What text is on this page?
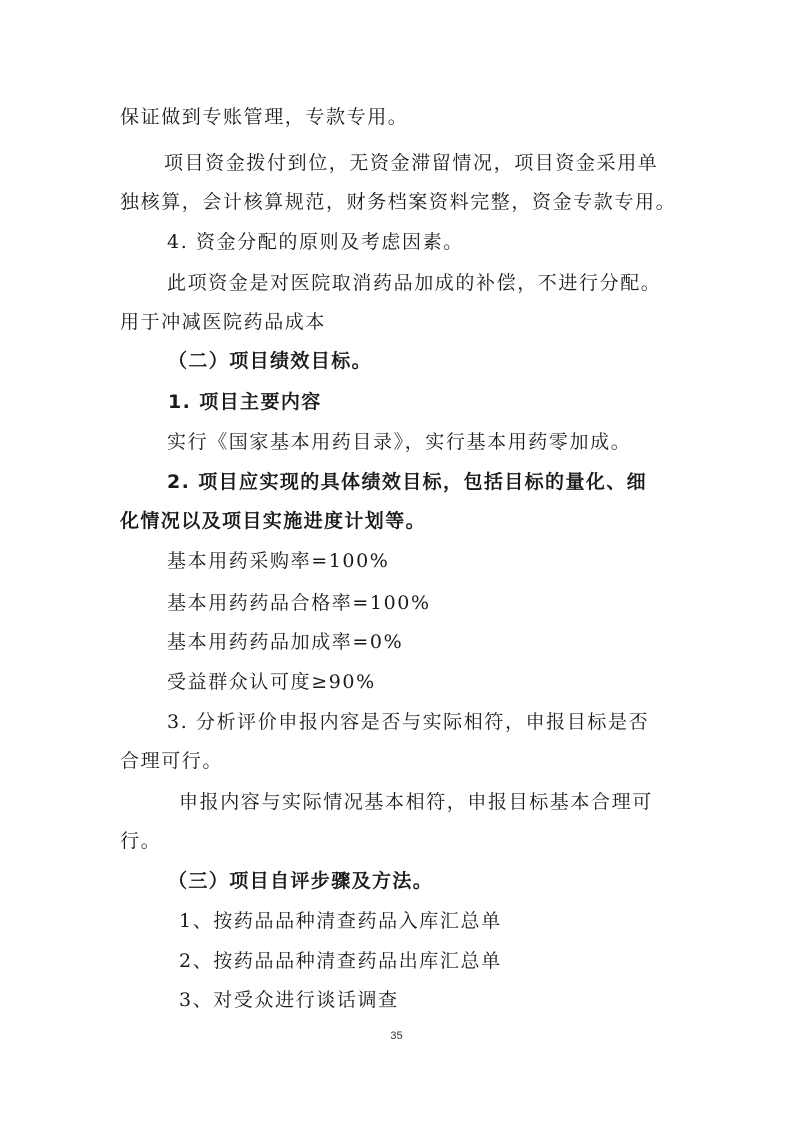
保证做到专账管理，专款专用。
项目资金拨付到位，无资金滞留情况，项目资金采用单
独核算，会计核算规范，财务档案资料完整，资金专款专用。
4. 资金分配的原则及考虑因素。
此项资金是对医院取消药品加成的补偿，不进行分配。
用于冲减医院药品成本
（二）项目绩效目标。
1. 项目主要内容
实行《国家基本用药目录》，实行基本用药零加成。
2. 项目应实现的具体绩效目标，包括目标的量化、细
化情况以及项目实施进度计划等。
基本用药采购率=100%
基本用药药品合格率=100%
基本用药药品加成率=0%
受益群众认可度≥90%
3. 分析评价申报内容是否与实际相符，申报目标是否
合理可行。
申报内容与实际情况基本相符，申报目标基本合理可
行。
（三）项目自评步骤及方法。
1、按药品品种清查药品入库汇总单
2、按药品品种清查药品出库汇总单
3、对受众进行谈话调查
35
